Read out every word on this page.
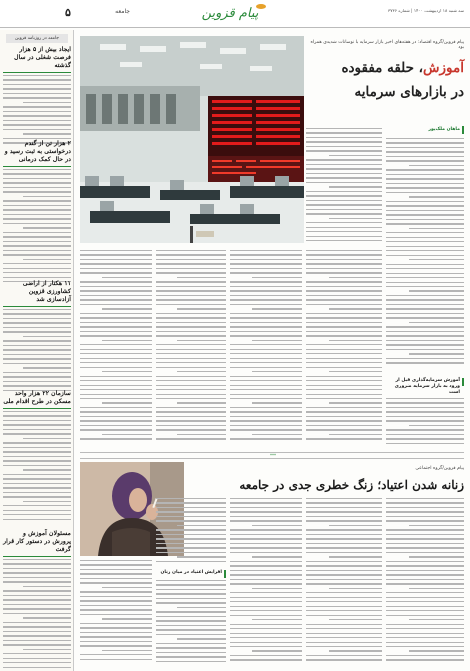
سه شنبه ۱۸ اردیبهشت ۱۴۰۰ | شماره ۳۷۳۶
پیام قزوین
جامعه
۵
جامعه در روزنامه قزوین
ایجاد بیش از ۵ هزار فرصت شغلی در سال گذشته
۲ هزار تن از گندم درخواستی به ثبت رسید و در حال کمک درمانی
۱۱ هکتار از اراضی کشاورزی قزوین آزادسازی شد
سازمان ۲۲ هزار واحد مسکن در طرح اقدام ملی
مسئولان آموزش و پرورش در دستور کار قرار گرفت
پیام قزوین/گروه اقتصاد: در هفته‌های اخیر بازار سرمایه با نوسانات شدیدی همراه بود
آموزش، حلقه مفقوده
در بازارهای سرمایه
ماهان ملک‌پور
آموزش سرمایه‌گذاری قبل از ورود به بازار سرمایه ضروری است
***
پیام قزوین/گروه اجتماعی
زنانه شدن اعتیاد؛ زنگ خطری جدی در جامعه
افزایش اعتیاد در میان زنان
